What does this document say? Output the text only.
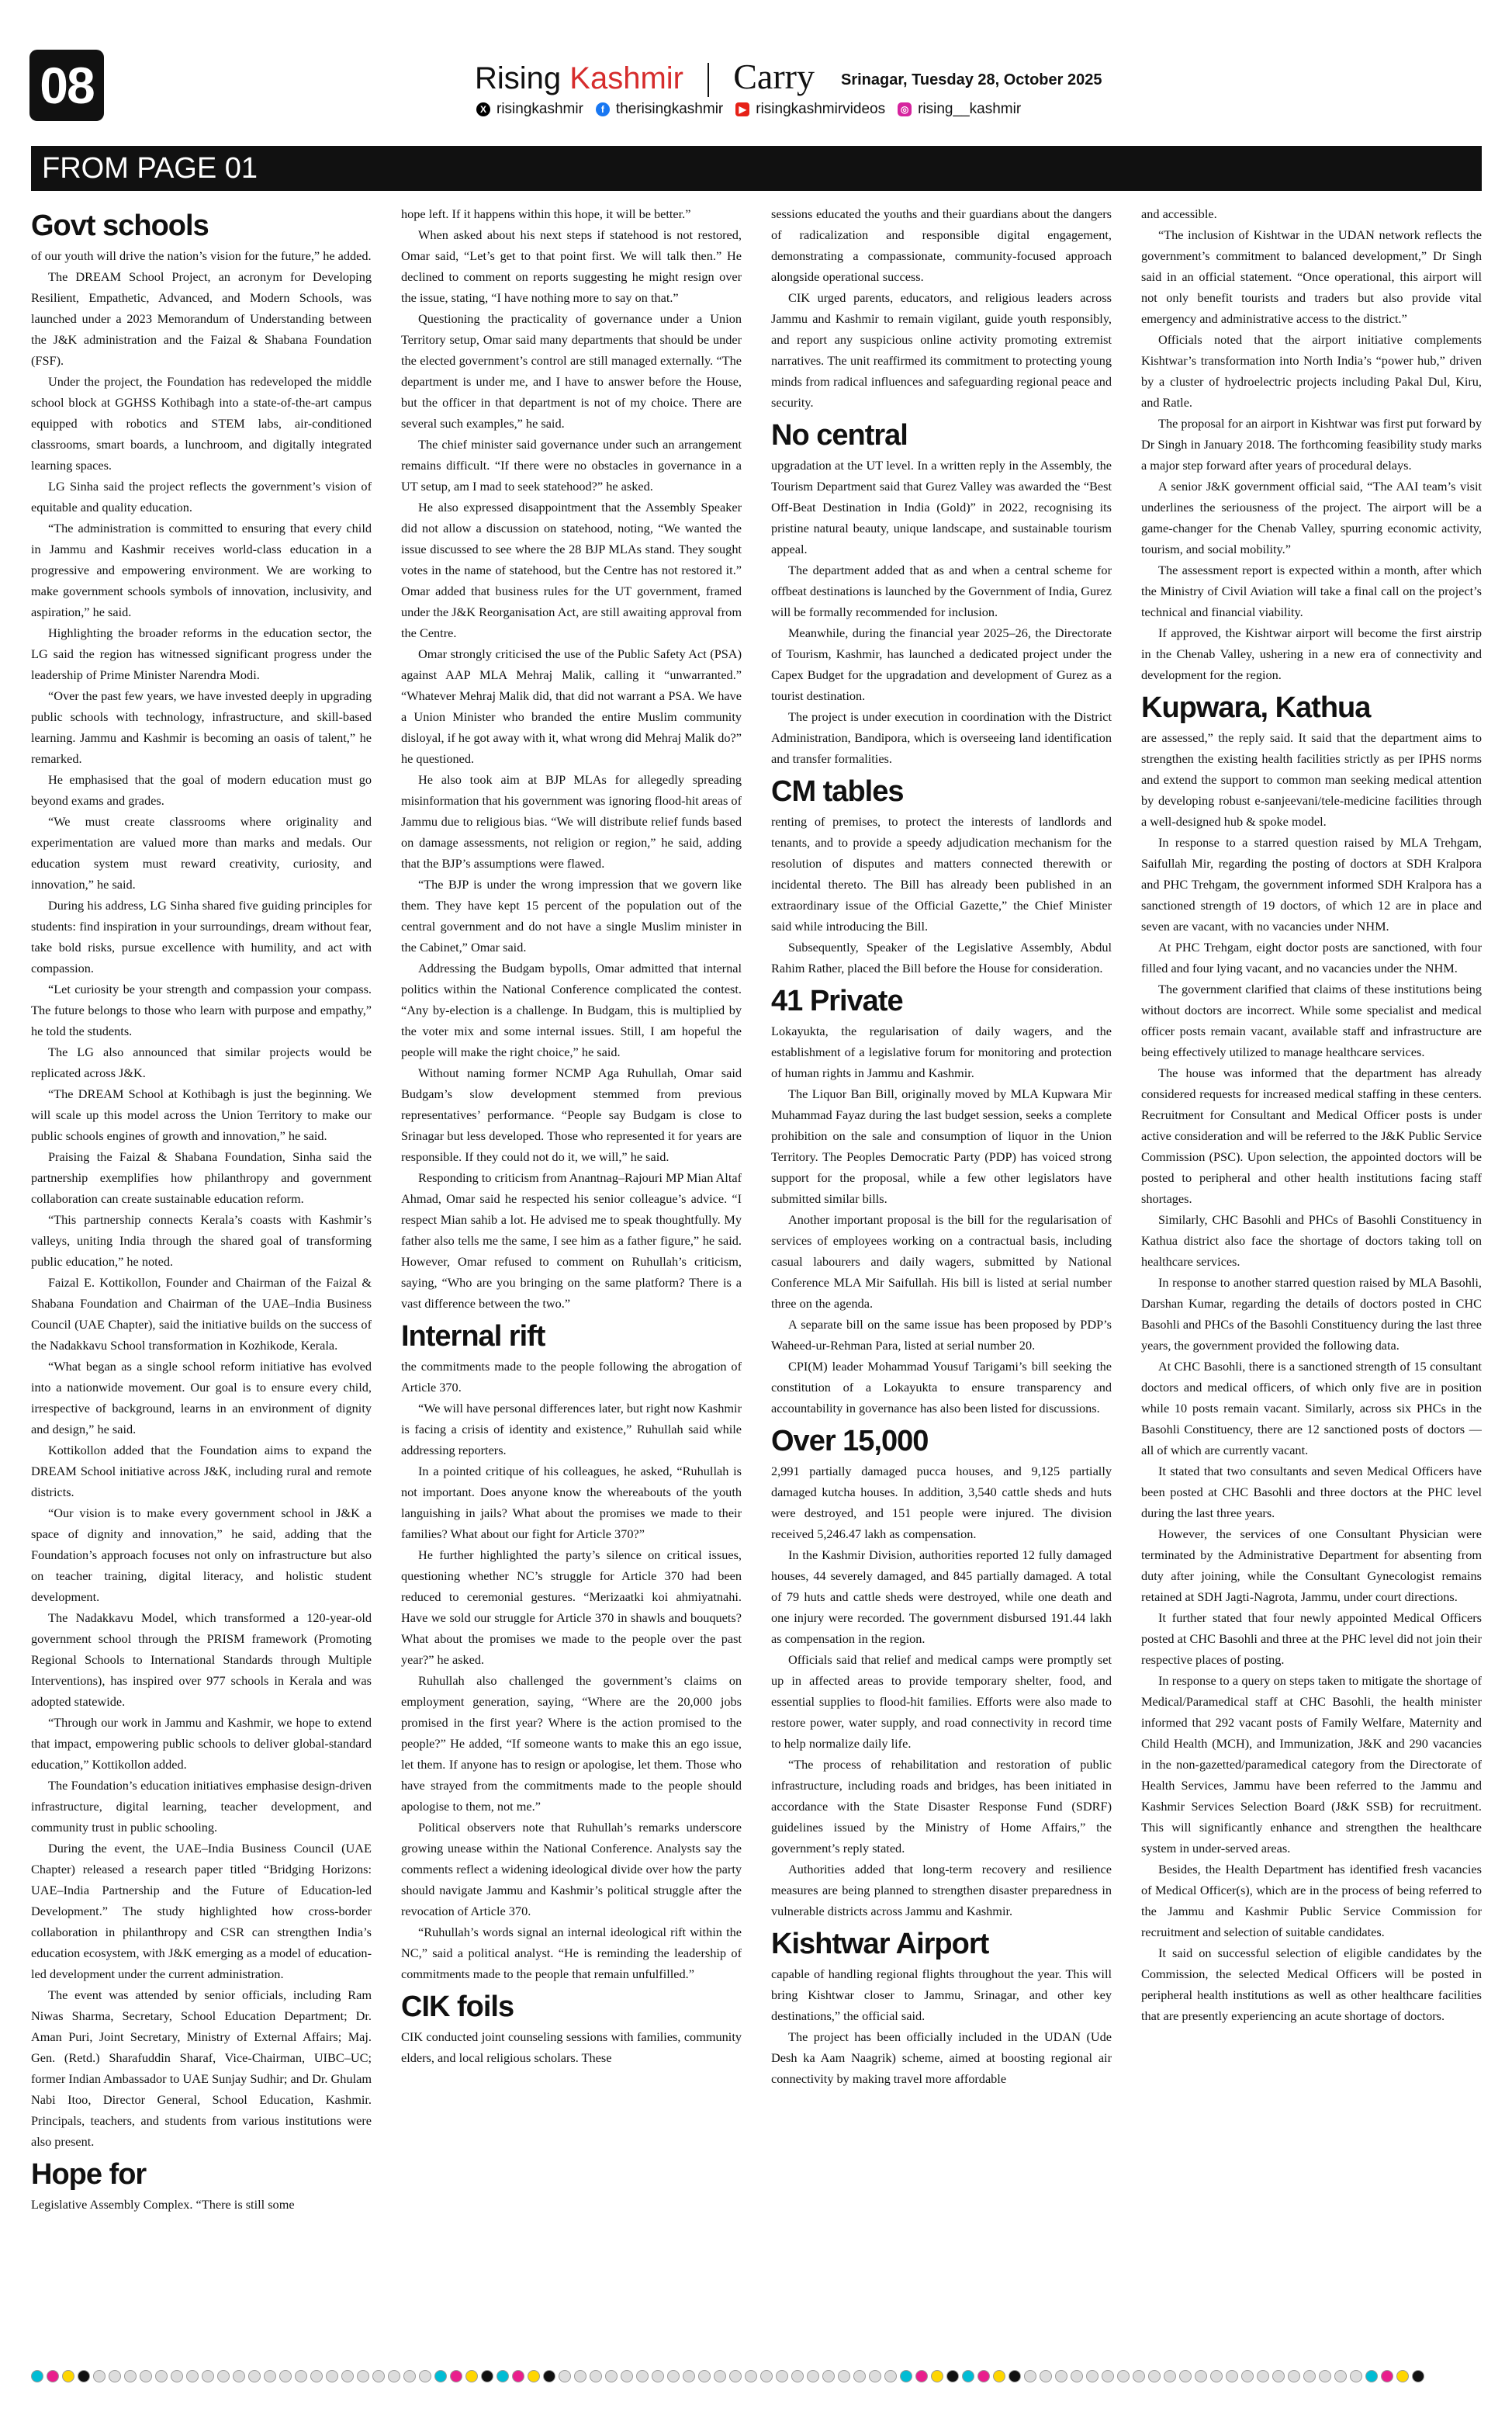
08	Rising Kashmir Carry Srinagar, Tuesday 28, October 2025
X risingkashmir	f therisingkashmir	▶ risingkashmirvideos	◎ rising__kashmir
FROM PAGE 01
Govt schools

of our youth will drive the nation’s vision for the future,” he added.

The DREAM School Project, an acronym for Developing Resilient, Empathetic, Advanced, and Modern Schools, was launched under a 2023 Memorandum of Understanding between the J&K administration and the Faizal & Shabana Foundation (FSF).

Under the project, the Foundation has redeveloped the middle school block at GGHSS Kothibagh into a state-of-the-art campus equipped with robotics and STEM labs, air-conditioned classrooms, smart boards, a lunchroom, and digitally integrated learning spaces.

LG Sinha said the project reflects the government’s vision of equitable and quality education.

“The administration is committed to ensuring that every child in Jammu and Kashmir receives world-class education in a progressive and empowering environment. We are working to make government schools symbols of innovation, inclusivity, and aspiration,” he said.

Highlighting the broader reforms in the education sector, the LG said the region has witnessed significant progress under the leadership of Prime Minister Narendra Modi.

“Over the past few years, we have invested deeply in upgrading public schools with technology, infrastructure, and skill-based learning. Jammu and Kashmir is becoming an oasis of talent,” he remarked.

He emphasised that the goal of modern education must go beyond exams and grades.

“We must create classrooms where originality and experimentation are valued more than marks and medals. Our education system must reward creativity, curiosity, and innovation,” he said.

During his address, LG Sinha shared five guiding principles for students: find inspiration in your surroundings, dream without fear, take bold risks, pursue excellence with humility, and act with compassion.

“Let curiosity be your strength and compassion your compass. The future belongs to those who learn with purpose and empathy,” he told the students.

The LG also announced that similar projects would be replicated across J&K.

“The DREAM School at Kothibagh is just the beginning. We will scale up this model across the Union Territory to make our public schools engines of growth and innovation,” he said.

Praising the Faizal & Shabana Foundation, Sinha said the partnership exemplifies how philanthropy and government collaboration can create sustainable education reform.

“This partnership connects Kerala’s coasts with Kashmir’s valleys, uniting India through the shared goal of transforming public education,” he noted.

Faizal E. Kottikollon, Founder and Chairman of the Faizal & Shabana Foundation and Chairman of the UAE–India Business Council (UAE Chapter), said the initiative builds on the success of the Nadakkavu School transformation in Kozhikode, Kerala.

“What began as a single school reform initiative has evolved into a nationwide movement. Our goal is to ensure every child, irrespective of background, learns in an environment of dignity and design,” he said.

Kottikollon added that the Foundation aims to expand the DREAM School initiative across J&K, including rural and remote districts.

“Our vision is to make every government school in J&K a space of dignity and innovation,” he said, adding that the Foundation’s approach focuses not only on infrastructure but also on teacher training, digital literacy, and holistic student development.

The Nadakkavu Model, which transformed a 120-year-old government school through the PRISM framework (Promoting Regional Schools to International Standards through Multiple Interventions), has inspired over 977 schools in Kerala and was adopted statewide.

“Through our work in Jammu and Kashmir, we hope to extend that impact, empowering public schools to deliver global-standard education,” Kottikollon added.

The Foundation’s education initiatives emphasise design-driven infrastructure, digital learning, teacher development, and community trust in public schooling.

During the event, the UAE–India Business Council (UAE Chapter) released a research paper titled “Bridging Horizons: UAE–India Partnership and the Future of Education-led Development.” The study highlighted how cross-border collaboration in philanthropy and CSR can strengthen India’s education ecosystem, with J&K emerging as a model of education-led development under the current administration.

The event was attended by senior officials, including Ram Niwas Sharma, Secretary, School Education Department; Dr. Aman Puri, Joint Secretary, Ministry of External Affairs; Maj. Gen. (Retd.) Sharafuddin Sharaf, Vice-Chairman, UIBC–UC; former Indian Ambassador to UAE Sunjay Sudhir; and Dr. Ghulam Nabi Itoo, Director General, School Education, Kashmir. Principals, teachers, and students from various institutions were also present.

Hope for

Legislative Assembly Complex. “There is still some

hope left. If it happens within this hope, it will be better.”

When asked about his next steps if statehood is not restored, Omar said, “Let’s get to that point first. We will talk then.” He declined to comment on reports suggesting he might resign over the issue, stating, “I have nothing more to say on that.”

Questioning the practicality of governance under a Union Territory setup, Omar said many departments that should be under the elected government’s control are still managed externally. “The department is under me, and I have to answer before the House, but the officer in that department is not of my choice. There are several such examples,” he said.

The chief minister said governance under such an arrangement remains difficult. “If there were no obstacles in governance in a UT setup, am I mad to seek statehood?” he asked.

He also expressed disappointment that the Assembly Speaker did not allow a discussion on statehood, noting, “We wanted the issue discussed to see where the 28 BJP MLAs stand. They sought votes in the name of statehood, but the Centre has not restored it.” Omar added that business rules for the UT government, framed under the J&K Reorganisation Act, are still awaiting approval from the Centre.

Omar strongly criticised the use of the Public Safety Act (PSA) against AAP MLA Mehraj Malik, calling it “unwarranted.” “Whatever Mehraj Malik did, that did not warrant a PSA. We have a Union Minister who branded the entire Muslim community disloyal, if he got away with it, what wrong did Mehraj Malik do?” he questioned.

He also took aim at BJP MLAs for allegedly spreading misinformation that his government was ignoring flood-hit areas of Jammu due to religious bias. “We will distribute relief funds based on damage assessments, not religion or region,” he said, adding that the BJP’s assumptions were flawed.

“The BJP is under the wrong impression that we govern like them. They have kept 15 percent of the population out of the central government and do not have a single Muslim minister in the Cabinet,” Omar said.

Addressing the Budgam bypolls, Omar admitted that internal politics within the National Conference complicated the contest. “Any by-election is a challenge. In Budgam, this is multiplied by the voter mix and some internal issues. Still, I am hopeful the people will make the right choice,” he said.

Without naming former NCMP Aga Ruhullah, Omar said Budgam’s slow development stemmed from previous representatives’ performance. “People say Budgam is close to Srinagar but less developed. Those who represented it for years are responsible. If they could not do it, we will,” he said.

Responding to criticism from Anantnag–Rajouri MP Mian Altaf Ahmad, Omar said he respected his senior colleague’s advice. “I respect Mian sahib a lot. He advised me to speak thoughtfully. My father also tells me the same, I see him as a father figure,” he said. However, Omar refused to comment on Ruhullah’s criticism, saying, “Who are you bringing on the same platform? There is a vast difference between the two.”

Internal rift

the commitments made to the people following the abrogation of Article 370.

“We will have personal differences later, but right now Kashmir is facing a crisis of identity and existence,” Ruhullah said while addressing reporters.

In a pointed critique of his colleagues, he asked, “Ruhullah is not important. Does anyone know the whereabouts of the youth languishing in jails? What about the promises we made to their families? What about our fight for Article 370?”

He further highlighted the party’s silence on critical issues, questioning whether NC’s struggle for Article 370 had been reduced to ceremonial gestures. “Merizaatki koi ahmiyatnahi. Have we sold our struggle for Article 370 in shawls and bouquets? What about the promises we made to the people over the past year?” he asked.

Ruhullah also challenged the government’s claims on employment generation, saying, “Where are the 20,000 jobs promised in the first year? Where is the action promised to the people?” He added, “If someone wants to make this an ego issue, let them. If anyone has to resign or apologise, let them. Those who have strayed from the commitments made to the people should apologise to them, not me.”

Political observers note that Ruhullah’s remarks underscore growing unease within the National Conference. Analysts say the comments reflect a widening ideological divide over how the party should navigate Jammu and Kashmir’s political struggle after the revocation of Article 370.

“Ruhullah’s words signal an internal ideological rift within the NC,” said a political analyst. “He is reminding the leadership of commitments made to the people that remain unfulfilled.”

CIK foils

CIK conducted joint counseling sessions with families, community elders, and local religious scholars. These

sessions educated the youths and their guardians about the dangers of radicalization and responsible digital engagement, demonstrating a compassionate, community-focused approach alongside operational success.

CIK urged parents, educators, and religious leaders across Jammu and Kashmir to remain vigilant, guide youth responsibly, and report any suspicious online activity promoting extremist narratives. The unit reaffirmed its commitment to protecting young minds from radical influences and safeguarding regional peace and security.

No central

upgradation at the UT level. In a written reply in the Assembly, the Tourism Department said that Gurez Valley was awarded the “Best Off-Beat Destination in India (Gold)” in 2022, recognising its pristine natural beauty, unique landscape, and sustainable tourism appeal.

The department added that as and when a central scheme for offbeat destinations is launched by the Government of India, Gurez will be formally recommended for inclusion.

Meanwhile, during the financial year 2025–26, the Directorate of Tourism, Kashmir, has launched a dedicated project under the Capex Budget for the upgradation and development of Gurez as a tourist destination.

The project is under execution in coordination with the District Administration, Bandipora, which is overseeing land identification and transfer formalities.

CM tables

renting of premises, to protect the interests of landlords and tenants, and to provide a speedy adjudication mechanism for the resolution of disputes and matters connected therewith or incidental thereto. The Bill has already been published in an extraordinary issue of the Official Gazette,” the Chief Minister said while introducing the Bill.

Subsequently, Speaker of the Legislative Assembly, Abdul Rahim Rather, placed the Bill before the House for consideration.

41 Private

Lokayukta, the regularisation of daily wagers, and the establishment of a legislative forum for monitoring and protection of human rights in Jammu and Kashmir.

The Liquor Ban Bill, originally moved by MLA Kupwara Mir Muhammad Fayaz during the last budget session, seeks a complete prohibition on the sale and consumption of liquor in the Union Territory. The Peoples Democratic Party (PDP) has voiced strong support for the proposal, while a few other legislators have submitted similar bills.

Another important proposal is the bill for the regularisation of services of employees working on a contractual basis, including casual labourers and daily wagers, submitted by National Conference MLA Mir Saifullah. His bill is listed at serial number three on the agenda.

A separate bill on the same issue has been proposed by PDP’s Waheed-ur-Rehman Para, listed at serial number 20.

CPI(M) leader Mohammad Yousuf Tarigami’s bill seeking the constitution of a Lokayukta to ensure transparency and accountability in governance has also been listed for discussions.

Over 15,000

2,991 partially damaged pucca houses, and 9,125 partially damaged kutcha houses. In addition, 3,540 cattle sheds and huts were destroyed, and 151 people were injured. The division received 5,246.47 lakh as compensation.

In the Kashmir Division, authorities reported 12 fully damaged houses, 44 severely damaged, and 845 partially damaged. A total of 79 huts and cattle sheds were destroyed, while one death and one injury were recorded. The government disbursed 191.44 lakh as compensation in the region.

Officials said that relief and medical camps were promptly set up in affected areas to provide temporary shelter, food, and essential supplies to flood-hit families. Efforts were also made to restore power, water supply, and road connectivity in record time to help normalize daily life.

“The process of rehabilitation and restoration of public infrastructure, including roads and bridges, has been initiated in accordance with the State Disaster Response Fund (SDRF) guidelines issued by the Ministry of Home Affairs,” the government’s reply stated.

Authorities added that long-term recovery and resilience measures are being planned to strengthen disaster preparedness in vulnerable districts across Jammu and Kashmir.

Kishtwar Airport

capable of handling regional flights throughout the year. This will bring Kishtwar closer to Jammu, Srinagar, and other key destinations,” the official said.

The project has been officially included in the UDAN (Ude Desh ka Aam Naagrik) scheme, aimed at boosting regional air connectivity by making travel more affordable

and accessible.

“The inclusion of Kishtwar in the UDAN network reflects the government’s commitment to balanced development,” Dr Singh said in an official statement. “Once operational, this airport will not only benefit tourists and traders but also provide vital emergency and administrative access to the district.”

Officials noted that the airport initiative complements Kishtwar’s transformation into North India’s “power hub,” driven by a cluster of hydroelectric projects including Pakal Dul, Kiru, and Ratle.

The proposal for an airport in Kishtwar was first put forward by Dr Singh in January 2018. The forthcoming feasibility study marks a major step forward after years of procedural delays.

A senior J&K government official said, “The AAI team’s visit underlines the seriousness of the project. The airport will be a game-changer for the Chenab Valley, spurring economic activity, tourism, and social mobility.”

The assessment report is expected within a month, after which the Ministry of Civil Aviation will take a final call on the project’s technical and financial viability.

If approved, the Kishtwar airport will become the first airstrip in the Chenab Valley, ushering in a new era of connectivity and development for the region.

Kupwara, Kathua

are assessed,” the reply said. It said that the department aims to strengthen the existing health facilities strictly as per IPHS norms and extend the support to common man seeking medical attention by developing robust e-sanjeevani/tele-medicine facilities through a well-designed hub & spoke model.

In response to a starred question raised by MLA Trehgam, Saifullah Mir, regarding the posting of doctors at SDH Kralpora and PHC Trehgam, the government informed SDH Kralpora has a sanctioned strength of 19 doctors, of which 12 are in place and seven are vacant, with no vacancies under NHM.

At PHC Trehgam, eight doctor posts are sanctioned, with four filled and four lying vacant, and no vacancies under the NHM.

The government clarified that claims of these institutions being without doctors are incorrect. While some specialist and medical officer posts remain vacant, available staff and infrastructure are being effectively utilized to manage healthcare services.

The house was informed that the department has already considered requests for increased medical staffing in these centers. Recruitment for Consultant and Medical Officer posts is under active consideration and will be referred to the J&K Public Service Commission (PSC). Upon selection, the appointed doctors will be posted to peripheral and other health institutions facing staff shortages.

Similarly, CHC Basohli and PHCs of Basohli Constituency in Kathua district also face the shortage of doctors taking toll on healthcare services.

In response to another starred question raised by MLA Basohli, Darshan Kumar, regarding the details of doctors posted in CHC Basohli and PHCs of the Basohli Constituency during the last three years, the government provided the following data.

At CHC Basohli, there is a sanctioned strength of 15 consultant doctors and medical officers, of which only five are in position while 10 posts remain vacant. Similarly, across six PHCs in the Basohli Constituency, there are 12 sanctioned posts of doctors — all of which are currently vacant.

It stated that two consultants and seven Medical Officers have been posted at CHC Basohli and three doctors at the PHC level during the last three years.

However, the services of one Consultant Physician were terminated by the Administrative Department for absenting from duty after joining, while the Consultant Gynecologist remains retained at SDH Jagti-Nagrota, Jammu, under court directions.

It further stated that four newly appointed Medical Officers posted at CHC Basohli and three at the PHC level did not join their respective places of posting.

In response to a query on steps taken to mitigate the shortage of Medical/Paramedical staff at CHC Basohli, the health minister informed that 292 vacant posts of Family Welfare, Maternity and Child Health (MCH), and Immunization, J&K and 290 vacancies in the non-gazetted/paramedical category from the Directorate of Health Services, Jammu have been referred to the Jammu and Kashmir Services Selection Board (J&K SSB) for recruitment. This will significantly enhance and strengthen the healthcare system in under-served areas.

Besides, the Health Department has identified fresh vacancies of Medical Officer(s), which are in the process of being referred to the Jammu and Kashmir Public Service Commission for recruitment and selection of suitable candidates.

It said on successful selection of eligible candidates by the Commission, the selected Medical Officers will be posted in peripheral health institutions as well as other healthcare facilities that are presently experiencing an acute shortage of doctors.
